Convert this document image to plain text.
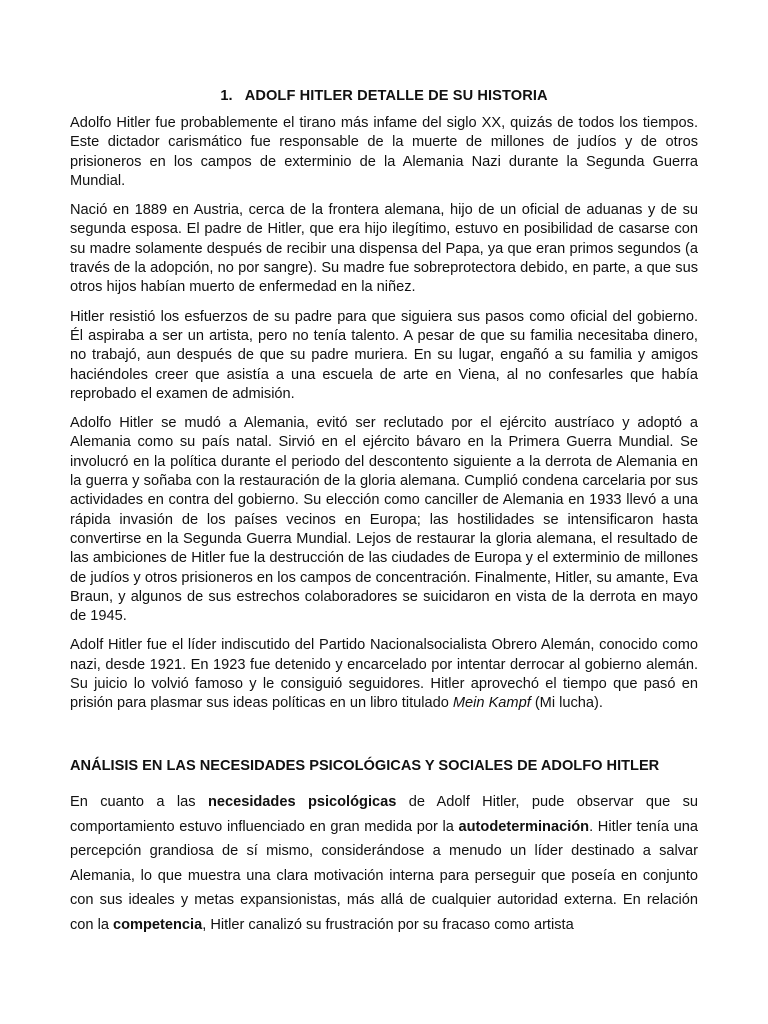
1. ADOLF HITLER DETALLE DE SU HISTORIA

Adolfo Hitler fue probablemente el tirano más infame del siglo XX, quizás de todos los tiempos. Este dictador carismático fue responsable de la muerte de millones de judíos y de otros prisioneros en los campos de exterminio de la Alemania Nazi durante la Segunda Guerra Mundial.

Nació en 1889 en Austria, cerca de la frontera alemana, hijo de un oficial de aduanas y de su segunda esposa. El padre de Hitler, que era hijo ilegítimo, estuvo en posibilidad de casarse con su madre solamente después de recibir una dispensa del Papa, ya que eran primos segundos (a través de la adopción, no por sangre). Su madre fue sobreprotectora debido, en parte, a que sus otros hijos habían muerto de enfermedad en la niñez.

Hitler resistió los esfuerzos de su padre para que siguiera sus pasos como oficial del gobierno. Él aspiraba a ser un artista, pero no tenía talento. A pesar de que su familia necesitaba dinero, no trabajó, aun después de que su padre muriera. En su lugar, engañó a su familia y amigos haciéndoles creer que asistía a una escuela de arte en Viena, al no confesarles que había reprobado el examen de admisión.

Adolfo Hitler se mudó a Alemania, evitó ser reclutado por el ejército austríaco y adoptó a Alemania como su país natal. Sirvió en el ejército bávaro en la Primera Guerra Mundial. Se involucró en la política durante el periodo del descontento siguiente a la derrota de Alemania en la guerra y soñaba con la restauración de la gloria alemana. Cumplió condena carcelaria por sus actividades en contra del gobierno. Su elección como canciller de Alemania en 1933 llevó a una rápida invasión de los países vecinos en Europa; las hostilidades se intensificaron hasta convertirse en la Segunda Guerra Mundial. Lejos de restaurar la gloria alemana, el resultado de las ambiciones de Hitler fue la destrucción de las ciudades de Europa y el exterminio de millones de judíos y otros prisioneros en los campos de concentración. Finalmente, Hitler, su amante, Eva Braun, y algunos de sus estrechos colaboradores se suicidaron en vista de la derrota en mayo de 1945.

Adolf Hitler fue el líder indiscutido del Partido Nacionalsocialista Obrero Alemán, conocido como nazi, desde 1921. En 1923 fue detenido y encarcelado por intentar derrocar al gobierno alemán. Su juicio lo volvió famoso y le consiguió seguidores. Hitler aprovechó el tiempo que pasó en prisión para plasmar sus ideas políticas en un libro titulado Mein Kampf (Mi lucha).

ANÁLISIS EN LAS NECESIDADES PSICOLÓGICAS Y SOCIALES DE ADOLFO HITLER

En cuanto a las necesidades psicológicas de Adolf Hitler, pude observar que su comportamiento estuvo influenciado en gran medida por la autodeterminación. Hitler tenía una percepción grandiosa de sí mismo, considerándose a menudo un líder destinado a salvar Alemania, lo que muestra una clara motivación interna para perseguir que poseía en conjunto con sus ideales y metas expansionistas, más allá de cualquier autoridad externa. En relación con la competencia, Hitler canalizó su frustración por su fracaso como artista
